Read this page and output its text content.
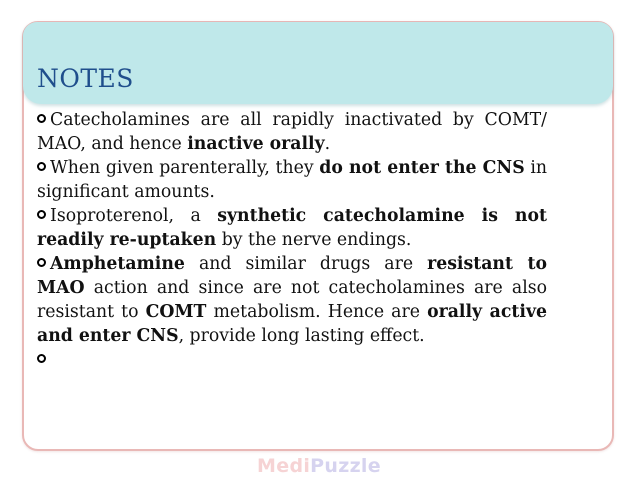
NOTES

Catecholamines are all rapidly inactivated by COMT/ MAO, and hence inactive orally.

When given parenterally, they do not enter the CNS in significant amounts.

Isoproterenol, a synthetic catecholamine is not readily re-uptaken by the nerve endings.

Amphetamine and similar drugs are resistant to MAO action and since are not catecholamines are also resistant to COMT metabolism. Hence are orally active and enter CNS, provide long lasting effect.

MediPuzzle
